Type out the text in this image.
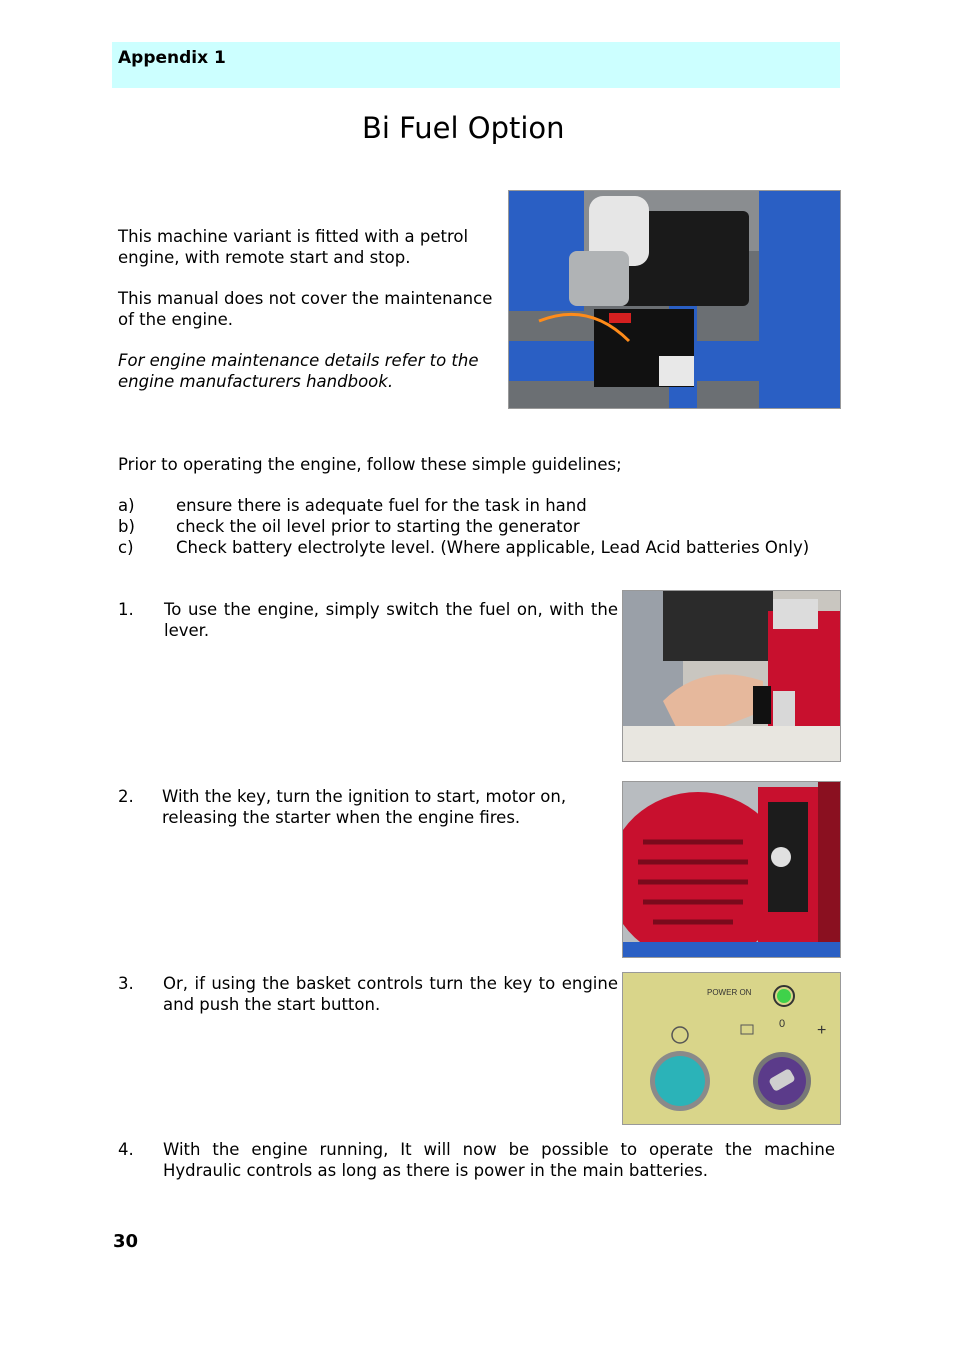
Appendix 1
Bi Fuel Option
This machine variant is fitted with a petrol engine, with remote start and stop.
This manual does not cover the maintenance of the engine.
For engine maintenance details refer to the engine manufacturers handbook.
Prior to operating the engine, follow these simple guidelines;
a)	ensure there is adequate fuel for the task in hand
b) check the oil level prior to starting the generator
c)	Check battery electrolyte level. (Where applicable, Lead Acid batteries Only)
1. To use the engine, simply switch the fuel on, with the lever.
2. With the key, turn the ignition to start, motor on, releasing the starter when the engine fires.
3. Or, if using the basket controls turn the key to engine and push the start button.
POWER ON
0 +
4. With the engine running, It will now be possible to operate the machine Hydraulic controls as long as there is power in the main batteries.
30
